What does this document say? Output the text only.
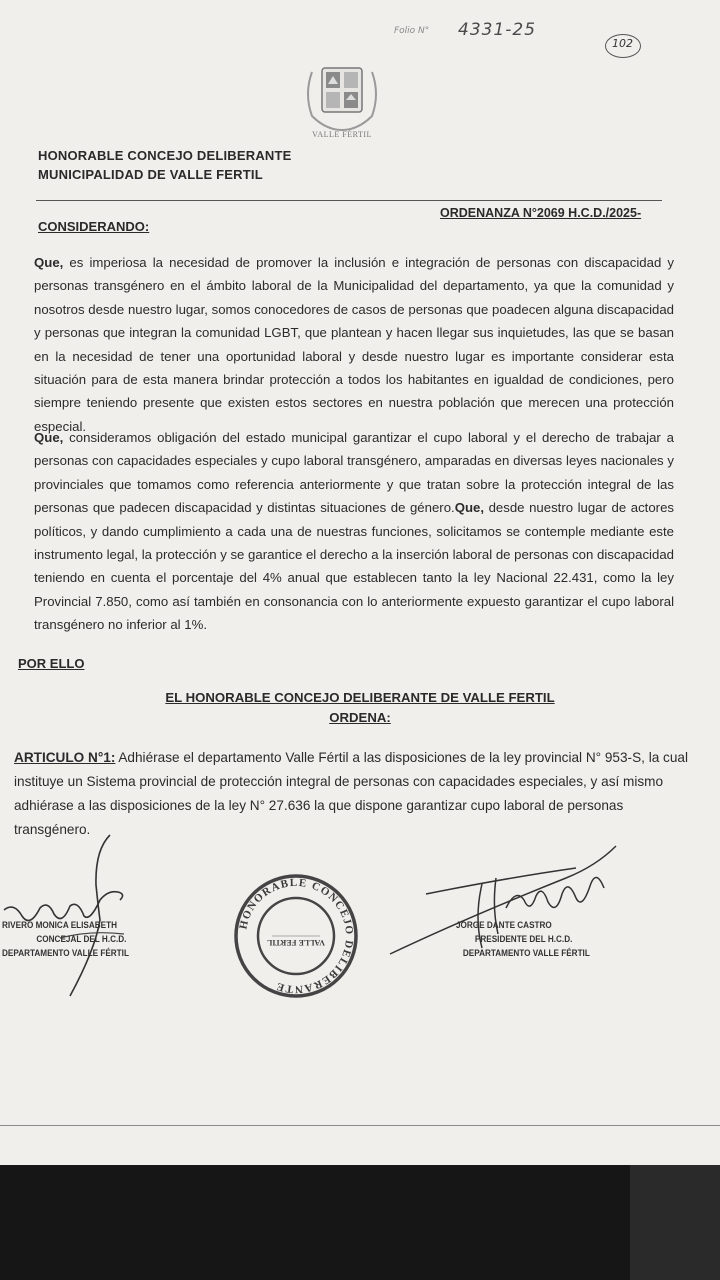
Folio N° 4331-25
102
VALLE FÉRTIL
HONORABLE CONCEJO DELIBERANTE
MUNICIPALIDAD DE VALLE FERTIL
ORDENANZA N°2069 H.C.D./2025-
CONSIDERANDO:
Que, es imperiosa la necesidad de promover la inclusión e integración de personas con discapacidad y personas transgénero en el ámbito laboral de la Municipalidad del departamento, ya que la comunidad y nosotros desde nuestro lugar, somos conocedores de casos de personas que poadecen alguna discapacidad y personas que integran la comunidad LGBT, que plantean y hacen llegar sus inquietudes, las que se basan en la necesidad de tener una oportunidad laboral y desde nuestro lugar es importante considerar esta situación para de esta manera brindar protección a todos los habitantes en igualdad de condiciones, pero siempre teniendo presente que existen estos sectores en nuestra población que merecen una protección especial.
Que, consideramos obligación del estado municipal garantizar el cupo laboral y el derecho de trabajar a personas con capacidades especiales y cupo laboral transgénero, amparadas en diversas leyes nacionales y provinciales que tomamos como referencia anteriormente y que tratan sobre la protección integral de las personas que padecen discapacidad y distintas situaciones de género.Que, desde nuestro lugar de actores políticos, y dando cumplimiento a cada una de nuestras funciones, solicitamos se contemple mediante este instrumento legal, la protección y se garantice el derecho a la inserción laboral de personas con discapacidad teniendo en cuenta el porcentaje del 4% anual que establecen tanto la ley Nacional 22.431, como la ley Provincial 7.850, como así también en consonancia con lo anteriormente expuesto garantizar el cupo laboral transgénero no inferior al 1%.
POR ELLO
EL HONORABLE CONCEJO DELIBERANTE DE VALLE FERTIL
ORDENA:
ARTICULO N°1: Adhiérase el departamento Valle Fértil a las disposiciones de la ley provincial N° 953-S, la cual instituye un Sistema provincial de protección integral de personas con capacidades especiales, y así mismo adhiérase a las disposiciones de la ley N° 27.636 la que dispone garantizar cupo laboral de personas transgénero.
RIVERO MONICA ELISABETH
CONCEJAL DEL H.C.D.
DEPARTAMENTO VALLE FÉRTIL
HONORABLE CONCEJO DELIBERANTE
VALLE FERTIL
JORGE DANTE CASTRO
PRESIDENTE DEL H.C.D.
DEPARTAMENTO VALLE FÉRTIL
